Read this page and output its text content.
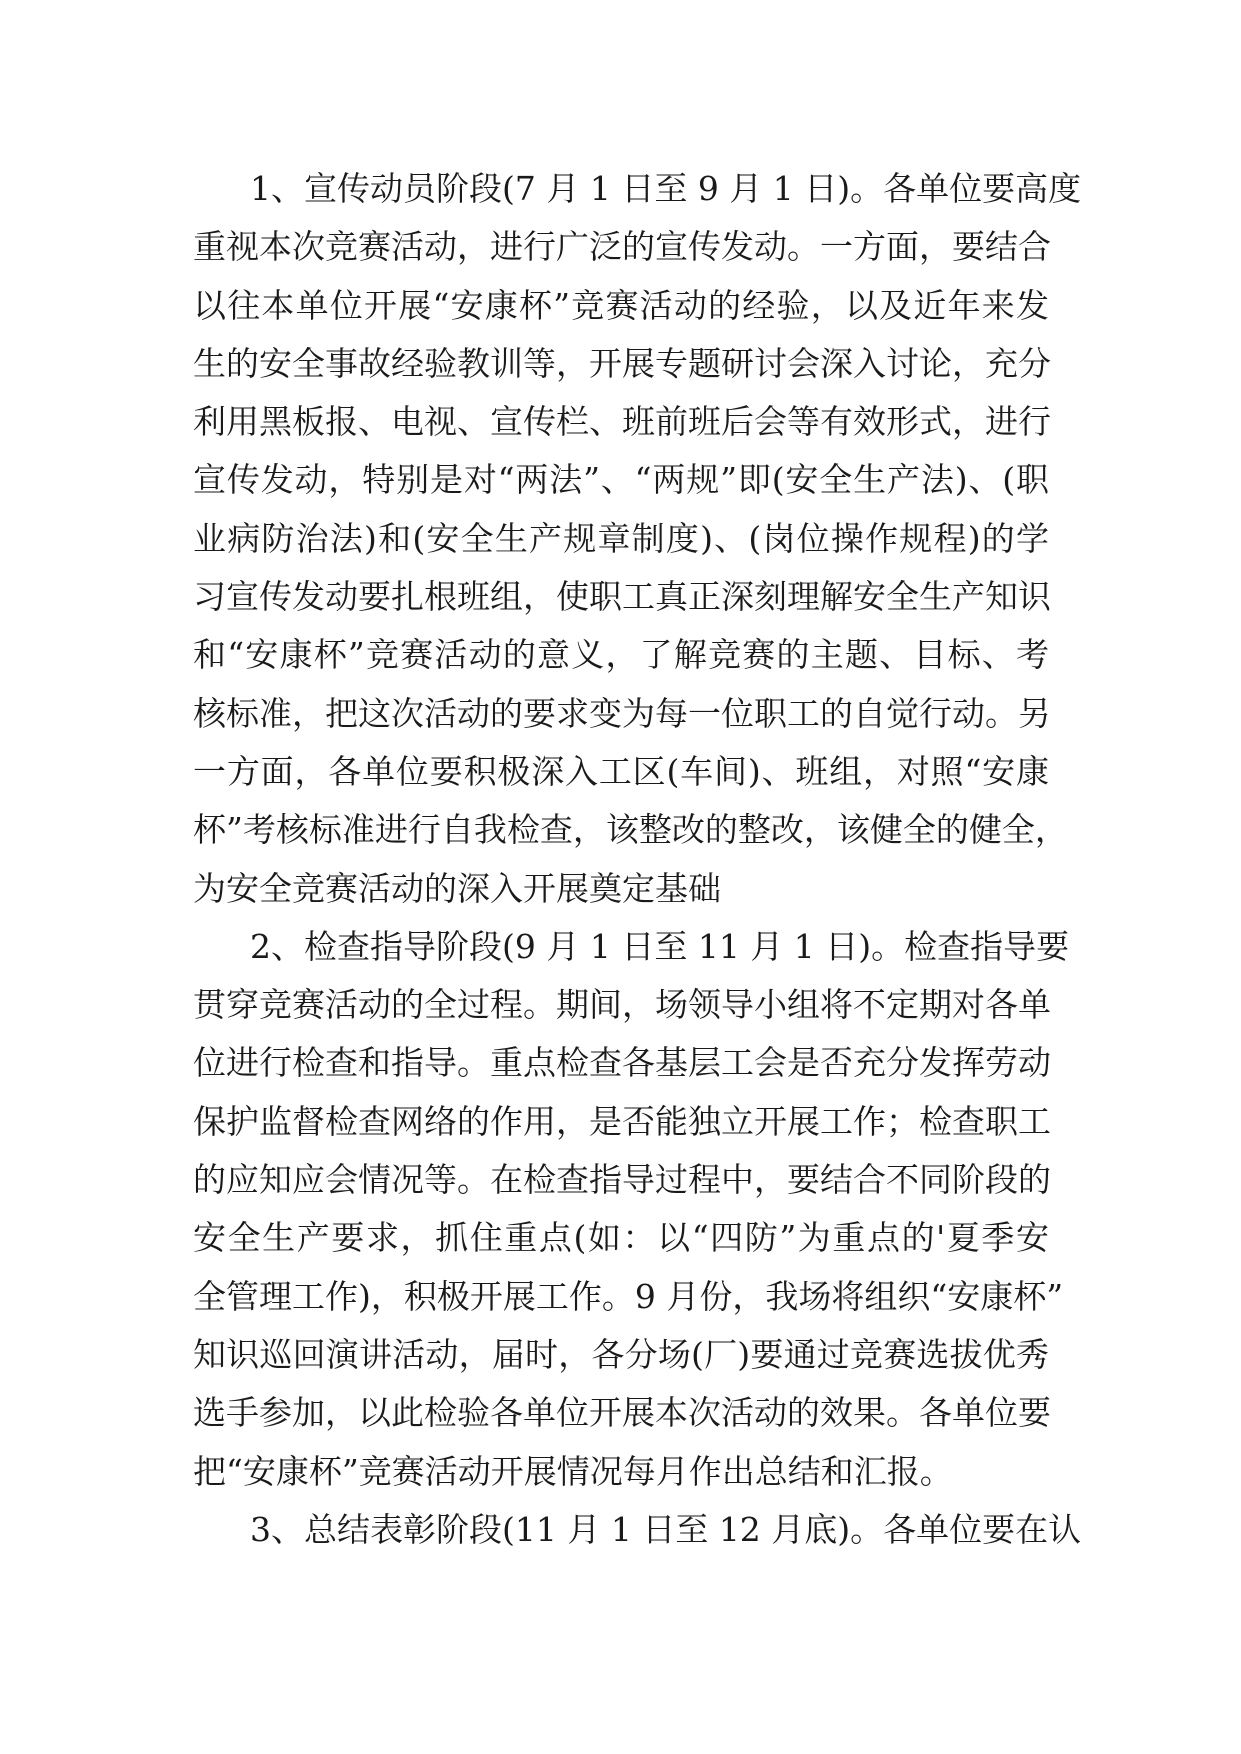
1、宣传动员阶段(7 月 1 日至 9 月 1 日)。各单位要高度
重视本次竞赛活动，进行广泛的宣传发动。一方面，要结合
以往本单位开展“安康杯”竞赛活动的经验，以及近年来发
生的安全事故经验教训等，开展专题研讨会深入讨论，充分
利用黑板报、电视、宣传栏、班前班后会等有效形式，进行
宣传发动，特别是对“两法”、“两规”即(安全生产法)、(职
业病防治法)和(安全生产规章制度)、(岗位操作规程)的学
习宣传发动要扎根班组，使职工真正深刻理解安全生产知识
和“安康杯”竞赛活动的意义，了解竞赛的主题、目标、考
核标准，把这次活动的要求变为每一位职工的自觉行动。另
一方面，各单位要积极深入工区(车间)、班组，对照“安康
杯”考核标准进行自我检查，该整改的整改，该健全的健全，
为安全竞赛活动的深入开展奠定基础
2、检查指导阶段(9 月 1 日至 11 月 1 日)。检查指导要
贯穿竞赛活动的全过程。期间，场领导小组将不定期对各单
位进行检查和指导。重点检查各基层工会是否充分发挥劳动
保护监督检查网络的作用，是否能独立开展工作；检查职工
的应知应会情况等。在检查指导过程中，要结合不同阶段的
安全生产要求，抓住重点(如：以“四防”为重点的'夏季安
全管理工作)，积极开展工作。9 月份，我场将组织“安康杯”
知识巡回演讲活动，届时，各分场(厂)要通过竞赛选拔优秀
选手参加，以此检验各单位开展本次活动的效果。各单位要
把“安康杯”竞赛活动开展情况每月作出总结和汇报。
3、总结表彰阶段(11 月 1 日至 12 月底)。各单位要在认
